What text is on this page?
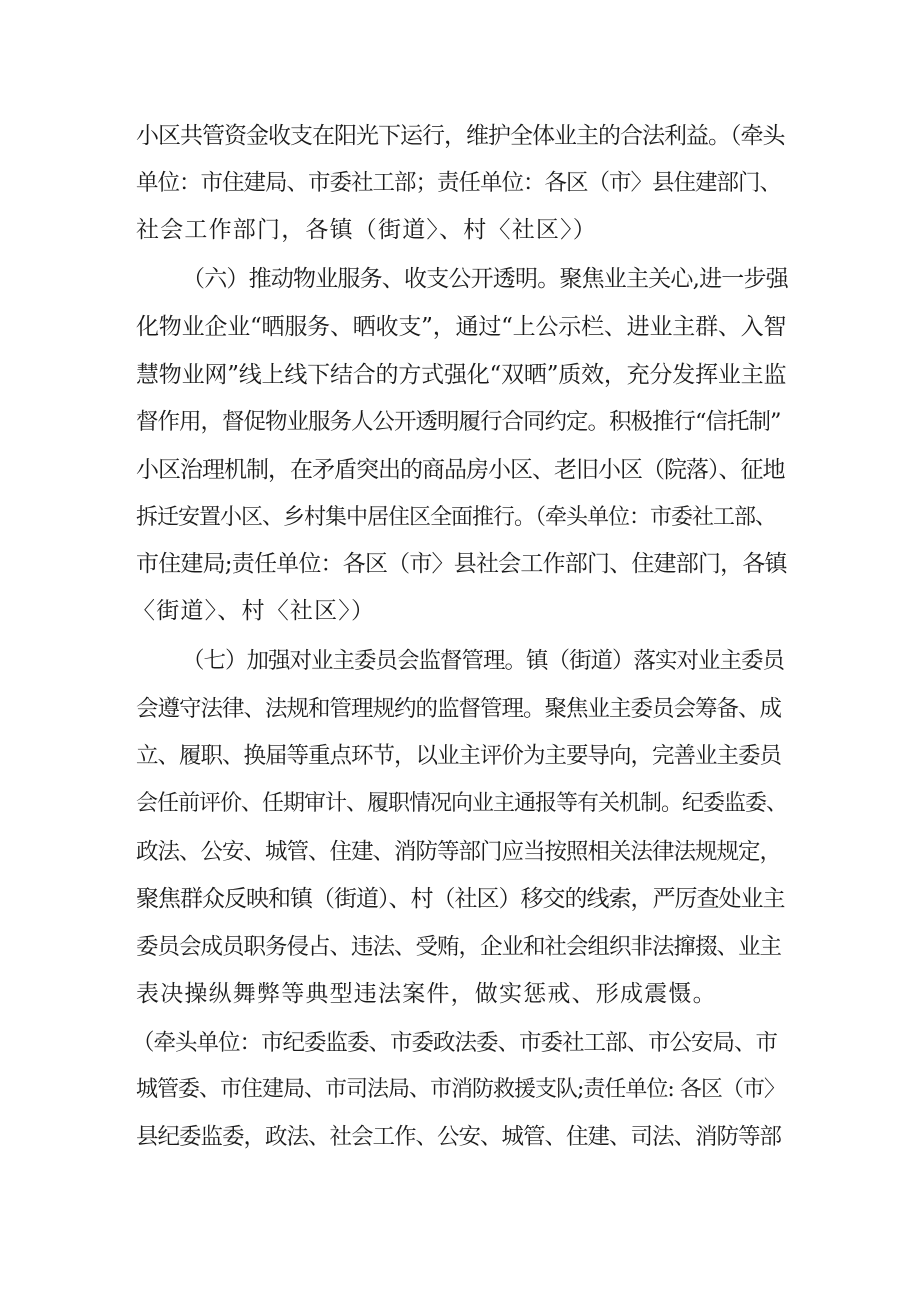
小区共管资金收支在阳光下运行，维护全体业主的合法利益。（牵头
单位：市住建局、市委社工部；责任单位：各区（市〉县住建部门、
社会工作部门，各镇（街道〉、村〈社区〉）
（六）推动物业服务、收支公开透明。聚焦业主关心,进一步强
化物业企业“晒服务、晒收支”，通过“上公示栏、进业主群、入智
慧物业网”线上线下结合的方式强化“双晒”质效，充分发挥业主监
督作用，督促物业服务人公开透明履行合同约定。积极推行“信托制”
小区治理机制，在矛盾突出的商品房小区、老旧小区（院落）、征地
拆迁安置小区、乡村集中居住区全面推行。（牵头单位：市委社工部、
市住建局;责任单位：各区（市〉县社会工作部门、住建部门，各镇
〈街道〉、村〈社区〉）
（七）加强对业主委员会监督管理。镇（街道）落实对业主委员
会遵守法律、法规和管理规约的监督管理。聚焦业主委员会筹备、成
立、履职、换届等重点环节，以业主评价为主要导向，完善业主委员
会任前评价、任期审计、履职情况向业主通报等有关机制。纪委监委、
政法、公安、城管、住建、消防等部门应当按照相关法律法规规定，
聚焦群众反映和镇（街道）、村（社区）移交的线索，严厉查处业主
委员会成员职务侵占、违法、受贿，企业和社会组织非法撺掇、业主
表决操纵舞弊等典型违法案件，做实惩戒、形成震慑。
（牵头单位：市纪委监委、市委政法委、市委社工部、市公安局、市
城管委、市住建局、市司法局、市消防救援支队;责任单位: 各区（市〉
县纪委监委，政法、社会工作、公安、城管、住建、司法、消防等部
